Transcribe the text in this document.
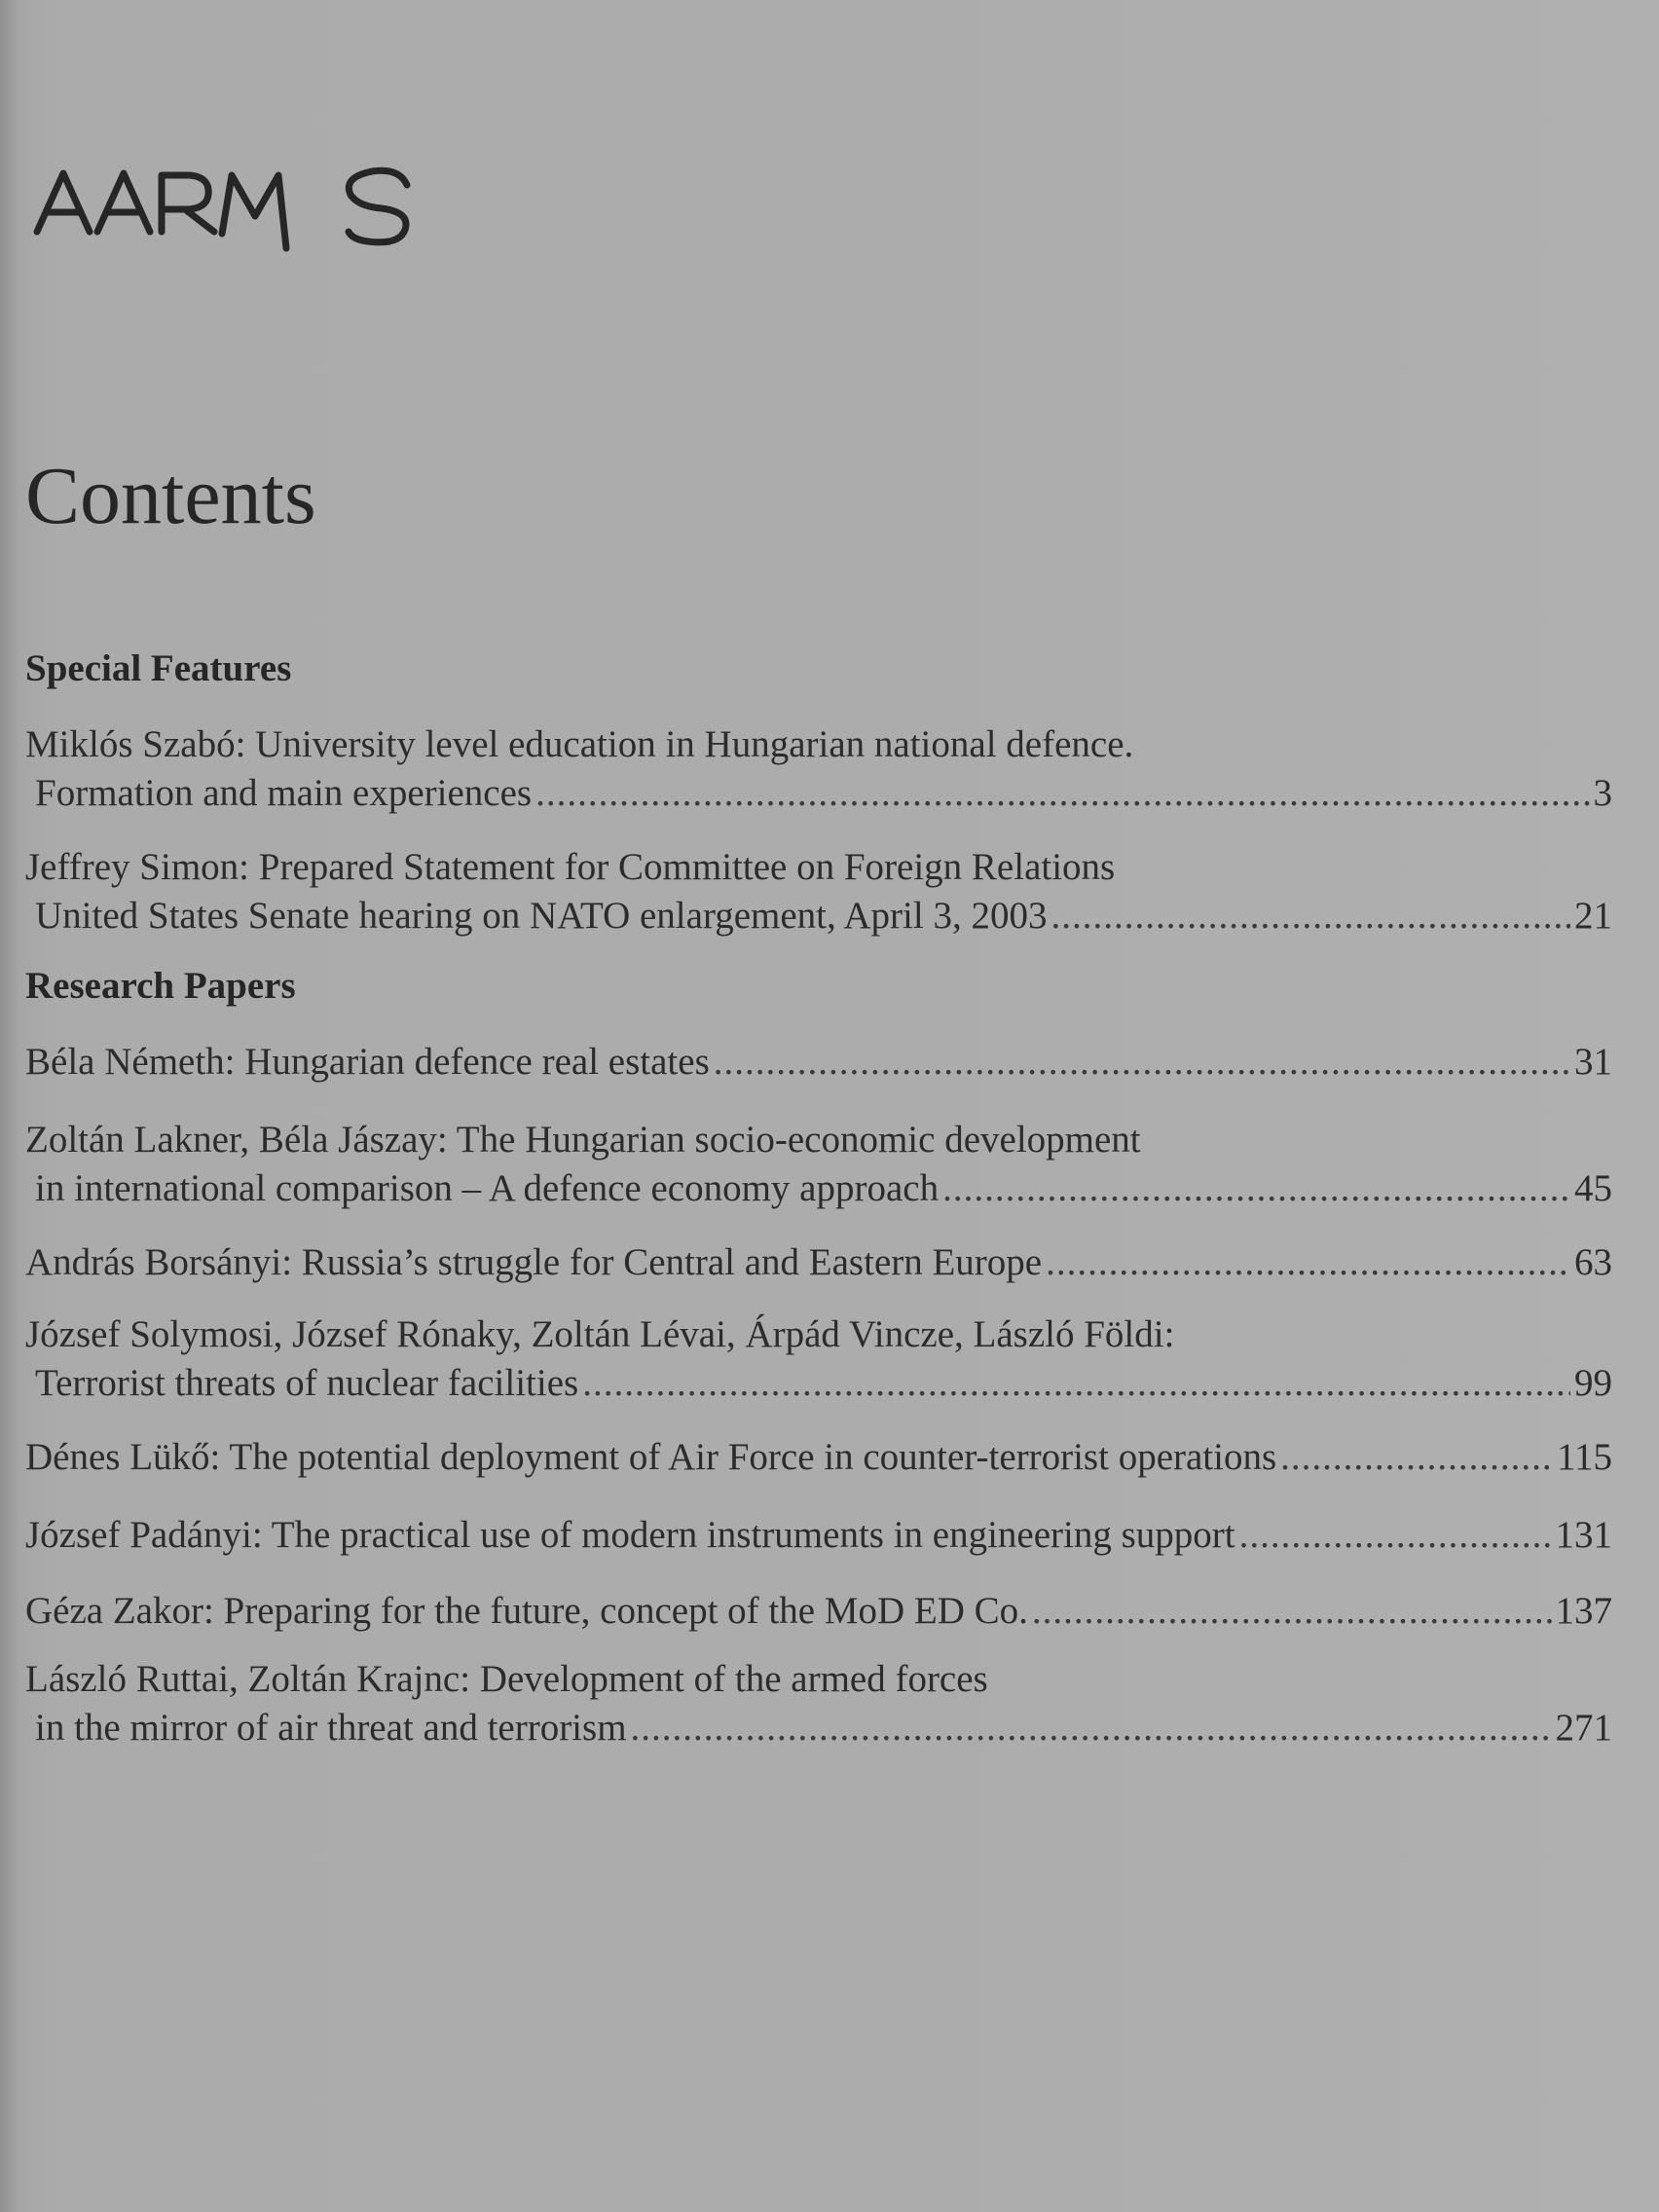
Contents
Special Features
Miklós Szabó: University level education in Hungarian national defence.
Formation and main experiences .....	3
Jeffrey Simon: Prepared Statement for Committee on Foreign Relations
United States Senate hearing on NATO enlargement, April 3, 2003 .....	21
Research Papers
Béla Németh: Hungarian defence real estates .....	31
Zoltán Lakner, Béla Jászay: The Hungarian socio-economic development
in international comparison – A defence economy approach .....	45
András Borsányi: Russia’s struggle for Central and Eastern Europe .....	63
József Solymosi, József Rónaky, Zoltán Lévai, Árpád Vincze, László Földi:
Terrorist threats of nuclear facilities .....	99
Dénes Lükő: The potential deployment of Air Force in counter-terrorist operations .....	115
József Padányi: The practical use of modern instruments in engineering support .....	131
Géza Zakor: Preparing for the future, concept of the MoD ED Co. .....	137
László Ruttai, Zoltán Krajnc: Development of the armed forces
in the mirror of air threat and terrorism .....	271
